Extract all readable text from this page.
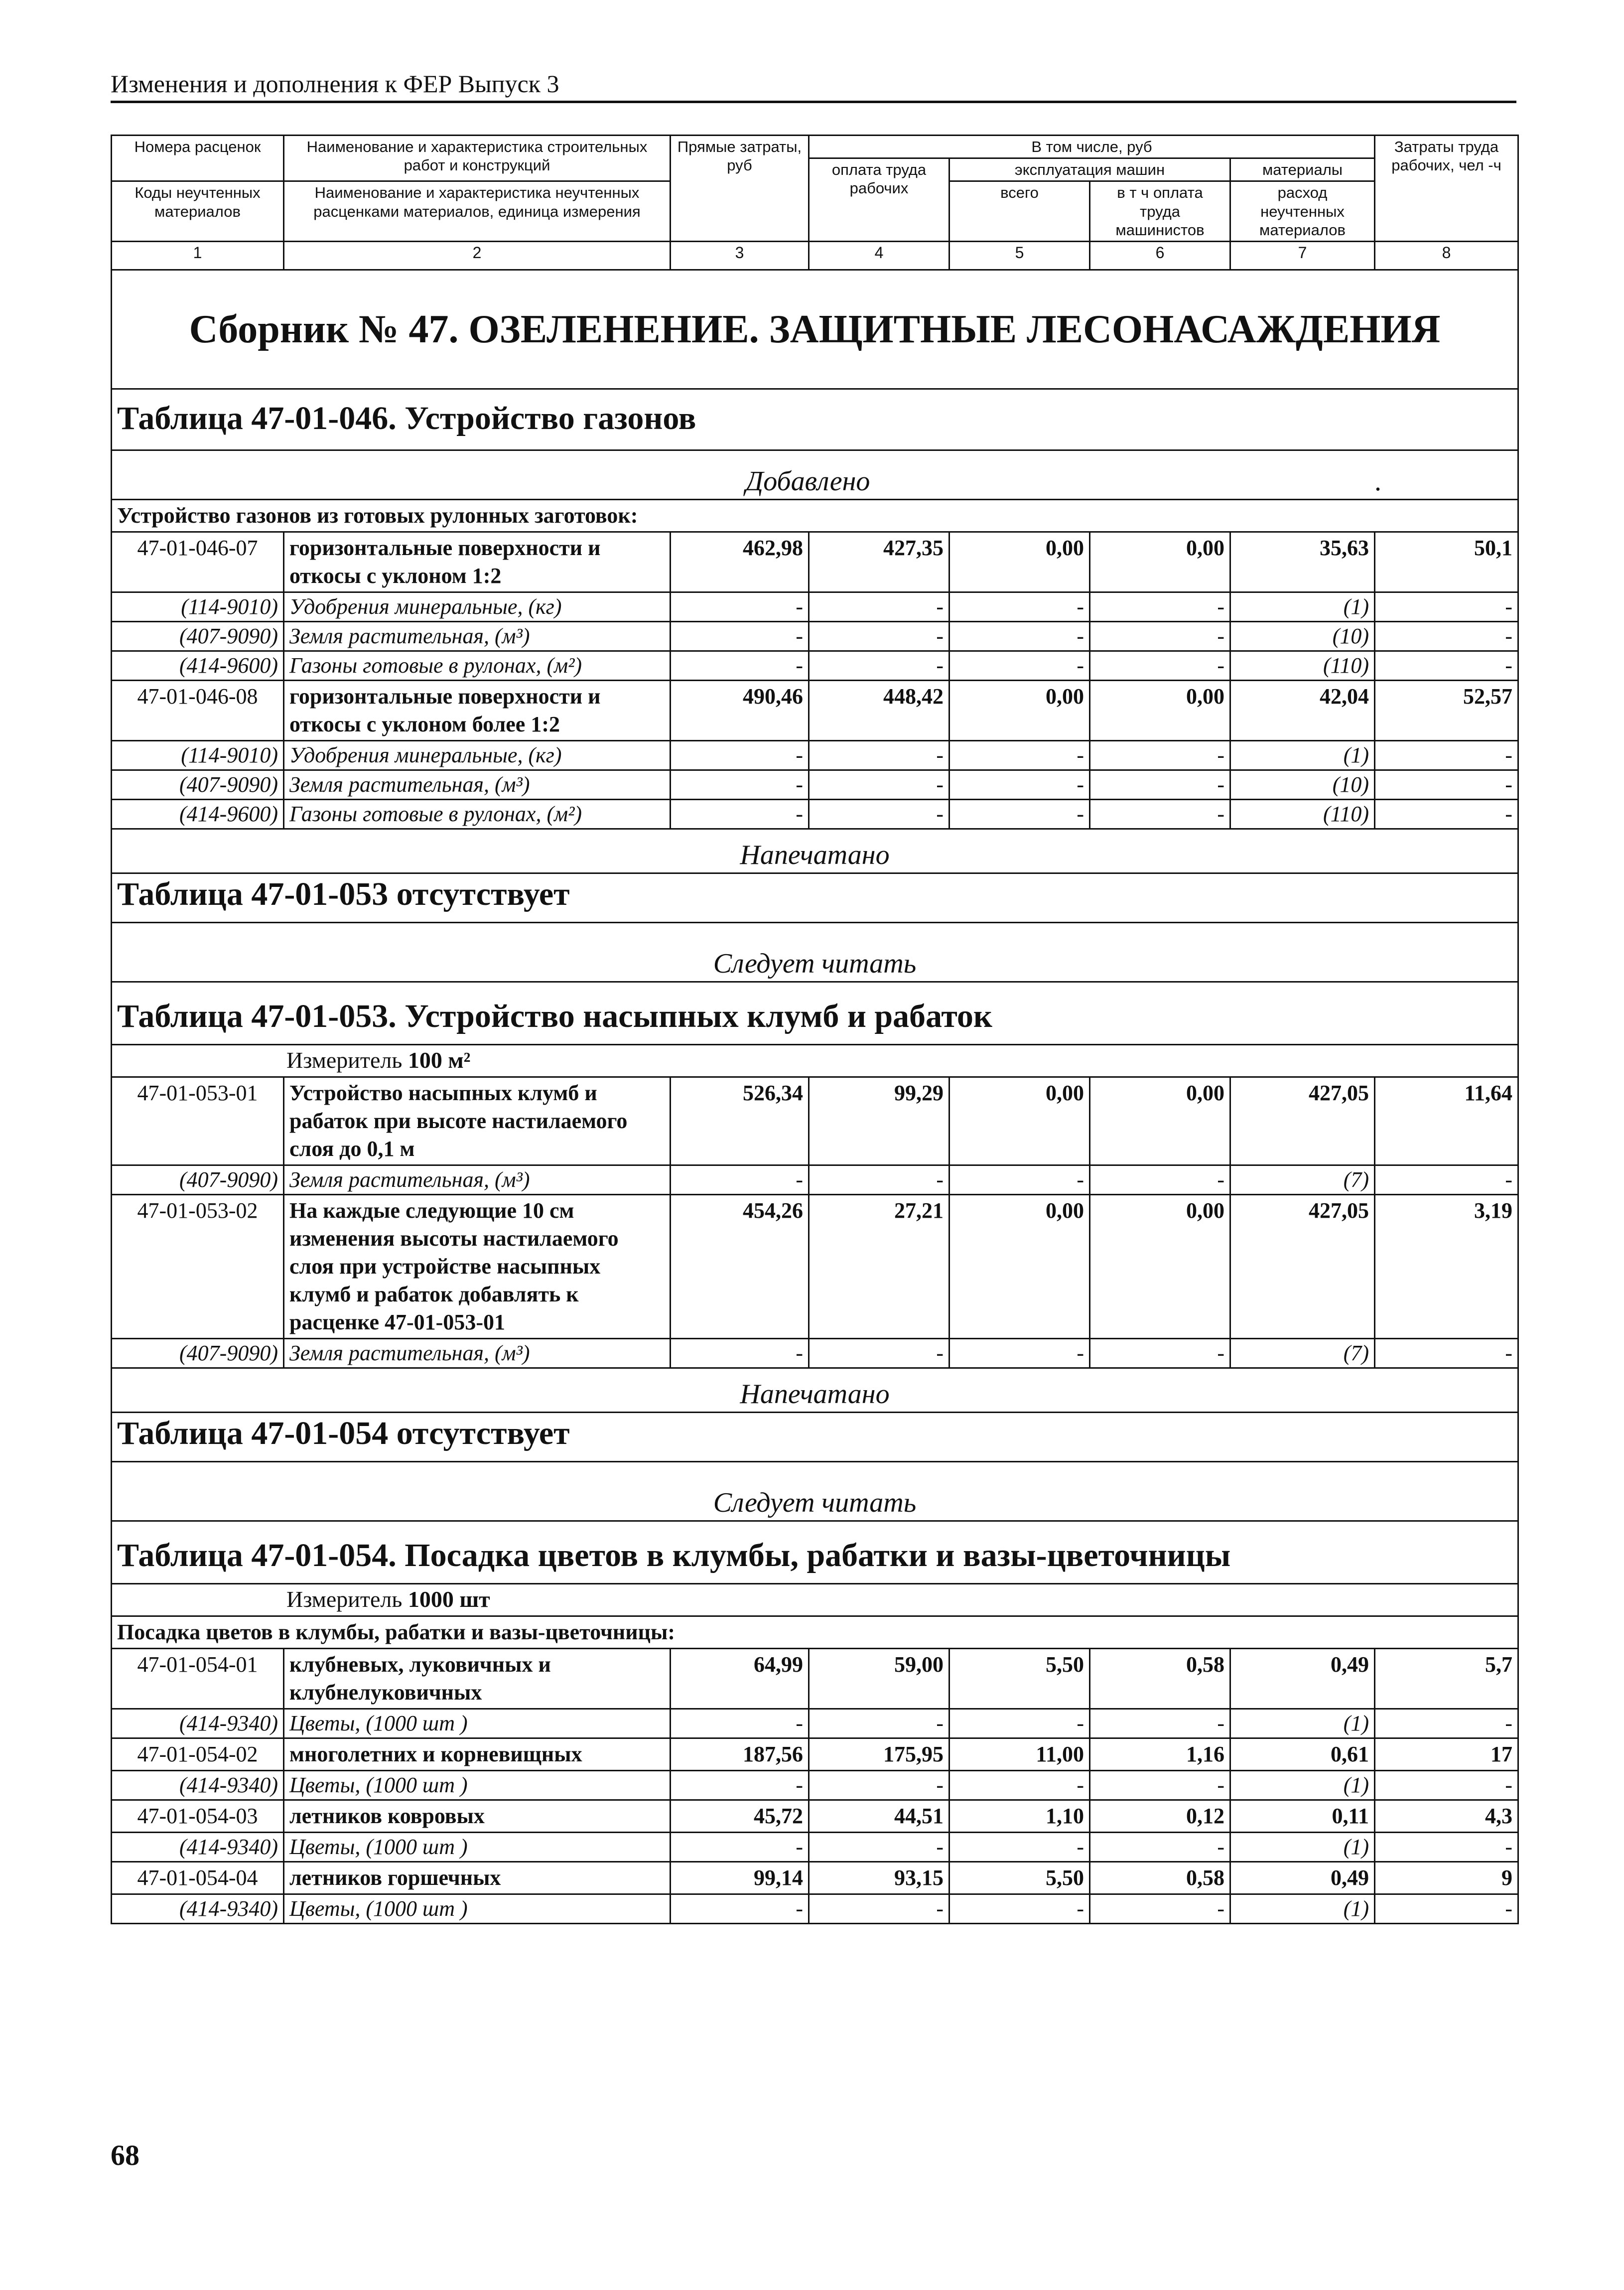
Изменения и дополнения к ФЕР Выпуск 3
Номера расценок	Наименование и характеристика строительных работ и конструкций	Прямые затраты, руб	В том числе, руб				Затраты труда рабочих, чел -ч
			оплата труда рабочих	эксплуатация машин		материалы	
Коды неучтенных материалов	Наименование и характеристика неучтенных расценками материалов, единица измерения			всего	в т ч оплата труда машинистов	расход неучтенных материалов	

1	2	3	4	5	6	7	8
Сборник № 47. ОЗЕЛЕНЕНИЕ. ЗАЩИТНЫЕ ЛЕСОНАСАЖДЕНИЯ							
Таблица 47-01-046. Устройство газонов							
Добавлено .							
Устройство газонов из готовых рулонных заготовок:							
47-01-046-07	горизонтальные поверхности и откосы с уклоном 1:2	462,98	427,35	0,00	0,00	35,63	50,1
(114-9010)	Удобрения минеральные, (кг)	-	-	-	-	(1)	-
(407-9090)	Земля растительная, (м³)	-	-	-	-	(10)	-
(414-9600)	Газоны готовые в рулонах, (м²)	-	-	-	-	(110)	-
47-01-046-08	горизонтальные поверхности и откосы с уклоном более 1:2	490,46	448,42	0,00	0,00	42,04	52,57
(114-9010)	Удобрения минеральные, (кг)	-	-	-	-	(1)	-
(407-9090)	Земля растительная, (м³)	-	-	-	-	(10)	-
(414-9600)	Газоны готовые в рулонах, (м²)	-	-	-	-	(110)	-
Напечатано							
Таблица 47-01-053 отсутствует							
Следует читать							
Таблица 47-01-053. Устройство насыпных клумб и рабаток							
Измеритель 100 м²							
47-01-053-01	Устройство насыпных клумб и рабаток при высоте настилаемого слоя до 0,1 м	526,34	99,29	0,00	0,00	427,05	11,64
(407-9090)	Земля растительная, (м³)	-	-	-	-	(7)	-
47-01-053-02	На каждые следующие 10 см изменения высоты настилаемого слоя при устройстве насыпных клумб и рабаток добавлять к расценке 47-01-053-01	454,26	27,21	0,00	0,00	427,05	3,19
(407-9090)	Земля растительная, (м³)	-	-	-	-	(7)	-
Напечатано							
Таблица 47-01-054 отсутствует							
Следует читать							
Таблица 47-01-054. Посадка цветов в клумбы, рабатки и вазы-цветочницы							
Измеритель 1000 шт							
Посадка цветов в клумбы, рабатки и вазы-цветочницы:							
47-01-054-01	клубневых, луковичных и клубнелуковичных	64,99	59,00	5,50	0,58	0,49	5,7
(414-9340)	Цветы, (1000 шт )	-	-	-	-	(1)	-
47-01-054-02	многолетних и корневищных	187,56	175,95	11,00	1,16	0,61	17
(414-9340)	Цветы, (1000 шт )	-	-	-	-	(1)	-
47-01-054-03	летников ковровых	45,72	44,51	1,10	0,12	0,11	4,3
(414-9340)	Цветы, (1000 шт )	-	-	-	-	(1)	-
47-01-054-04	летников горшечных	99,14	93,15	5,50	0,58	0,49	9
(414-9340)	Цветы, (1000 шт )	-	-	-	-	(1)	-
68
